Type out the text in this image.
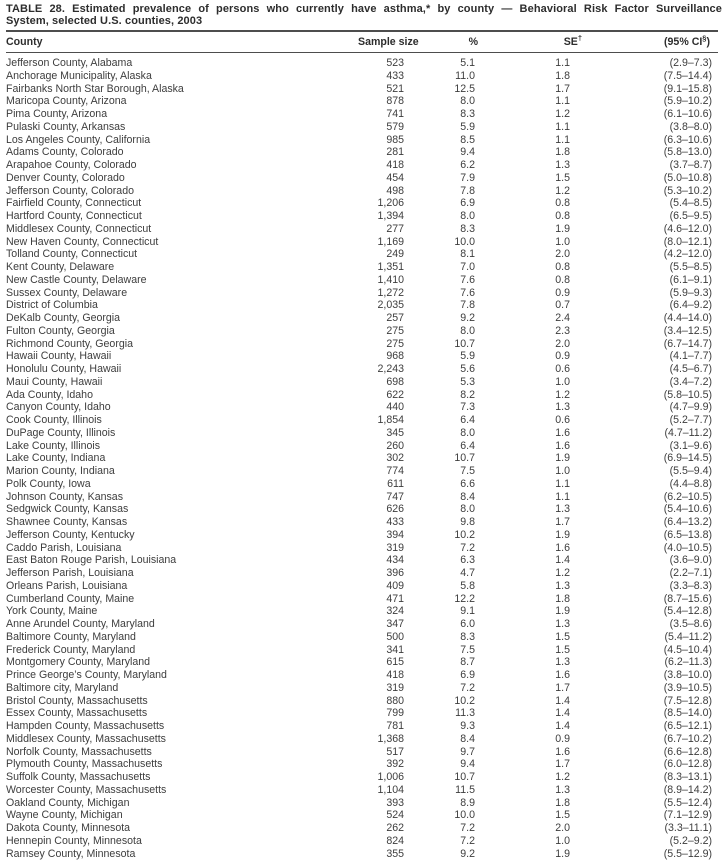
TABLE 28. Estimated prevalence of persons who currently have asthma,* by county — Behavioral Risk Factor Surveillance
System, selected U.S. counties, 2003
County	Sample size	%	SE†	(95% CI§)
Jefferson County, Alabama	523	5.1	1.1	(2.9–7.3)
Anchorage Municipality, Alaska	433	11.0	1.8	(7.5–14.4)
Fairbanks North Star Borough, Alaska	521	12.5	1.7	(9.1–15.8)
Maricopa County, Arizona	878	8.0	1.1	(5.9–10.2)
Pima County, Arizona	741	8.3	1.2	(6.1–10.6)
Pulaski County, Arkansas	579	5.9	1.1	(3.8–8.0)
Los Angeles County, California	985	8.5	1.1	(6.3–10.6)
Adams County, Colorado	281	9.4	1.8	(5.8–13.0)
Arapahoe County, Colorado	418	6.2	1.3	(3.7–8.7)
Denver County, Colorado	454	7.9	1.5	(5.0–10.8)
Jefferson County, Colorado	498	7.8	1.2	(5.3–10.2)
Fairfield County, Connecticut	1,206	6.9	0.8	(5.4–8.5)
Hartford County, Connecticut	1,394	8.0	0.8	(6.5–9.5)
Middlesex County, Connecticut	277	8.3	1.9	(4.6–12.0)
New Haven County, Connecticut	1,169	10.0	1.0	(8.0–12.1)
Tolland County, Connecticut	249	8.1	2.0	(4.2–12.0)
Kent County, Delaware	1,351	7.0	0.8	(5.5–8.5)
New Castle County, Delaware	1,410	7.6	0.8	(6.1–9.1)
Sussex County, Delaware	1,272	7.6	0.9	(5.9–9.3)
District of Columbia	2,035	7.8	0.7	(6.4–9.2)
DeKalb County, Georgia	257	9.2	2.4	(4.4–14.0)
Fulton County, Georgia	275	8.0	2.3	(3.4–12.5)
Richmond County, Georgia	275	10.7	2.0	(6.7–14.7)
Hawaii County, Hawaii	968	5.9	0.9	(4.1–7.7)
Honolulu County, Hawaii	2,243	5.6	0.6	(4.5–6.7)
Maui County, Hawaii	698	5.3	1.0	(3.4–7.2)
Ada County, Idaho	622	8.2	1.2	(5.8–10.5)
Canyon County, Idaho	440	7.3	1.3	(4.7–9.9)
Cook County, Illinois	1,854	6.4	0.6	(5.2–7.7)
DuPage County, Illinois	345	8.0	1.6	(4.7–11.2)
Lake County, Illinois	260	6.4	1.6	(3.1–9.6)
Lake County, Indiana	302	10.7	1.9	(6.9–14.5)
Marion County, Indiana	774	7.5	1.0	(5.5–9.4)
Polk County, Iowa	611	6.6	1.1	(4.4–8.8)
Johnson County, Kansas	747	8.4	1.1	(6.2–10.5)
Sedgwick County, Kansas	626	8.0	1.3	(5.4–10.6)
Shawnee County, Kansas	433	9.8	1.7	(6.4–13.2)
Jefferson County, Kentucky	394	10.2	1.9	(6.5–13.8)
Caddo Parish, Louisiana	319	7.2	1.6	(4.0–10.5)
East Baton Rouge Parish, Louisiana	434	6.3	1.4	(3.6–9.0)
Jefferson Parish, Louisiana	396	4.7	1.2	(2.2–7.1)
Orleans Parish, Louisiana	409	5.8	1.3	(3.3–8.3)
Cumberland County, Maine	471	12.2	1.8	(8.7–15.6)
York County, Maine	324	9.1	1.9	(5.4–12.8)
Anne Arundel County, Maryland	347	6.0	1.3	(3.5–8.6)
Baltimore County, Maryland	500	8.3	1.5	(5.4–11.2)
Frederick County, Maryland	341	7.5	1.5	(4.5–10.4)
Montgomery County, Maryland	615	8.7	1.3	(6.2–11.3)
Prince George’s County, Maryland	418	6.9	1.6	(3.8–10.0)
Baltimore city, Maryland	319	7.2	1.7	(3.9–10.5)
Bristol County, Massachusetts	880	10.2	1.4	(7.5–12.8)
Essex County, Massachusetts	799	11.3	1.4	(8.5–14.0)
Hampden County, Massachusetts	781	9.3	1.4	(6.5–12.1)
Middlesex County, Massachusetts	1,368	8.4	0.9	(6.7–10.2)
Norfolk County, Massachusetts	517	9.7	1.6	(6.6–12.8)
Plymouth County, Massachusetts	392	9.4	1.7	(6.0–12.8)
Suffolk County, Massachusetts	1,006	10.7	1.2	(8.3–13.1)
Worcester County, Massachusetts	1,104	11.5	1.3	(8.9–14.2)
Oakland County, Michigan	393	8.9	1.8	(5.5–12.4)
Wayne County, Michigan	524	10.0	1.5	(7.1–12.9)
Dakota County, Minnesota	262	7.2	2.0	(3.3–11.1)
Hennepin County, Minnesota	824	7.2	1.0	(5.2–9.2)
Ramsey County, Minnesota	355	9.2	1.9	(5.5–12.9)
